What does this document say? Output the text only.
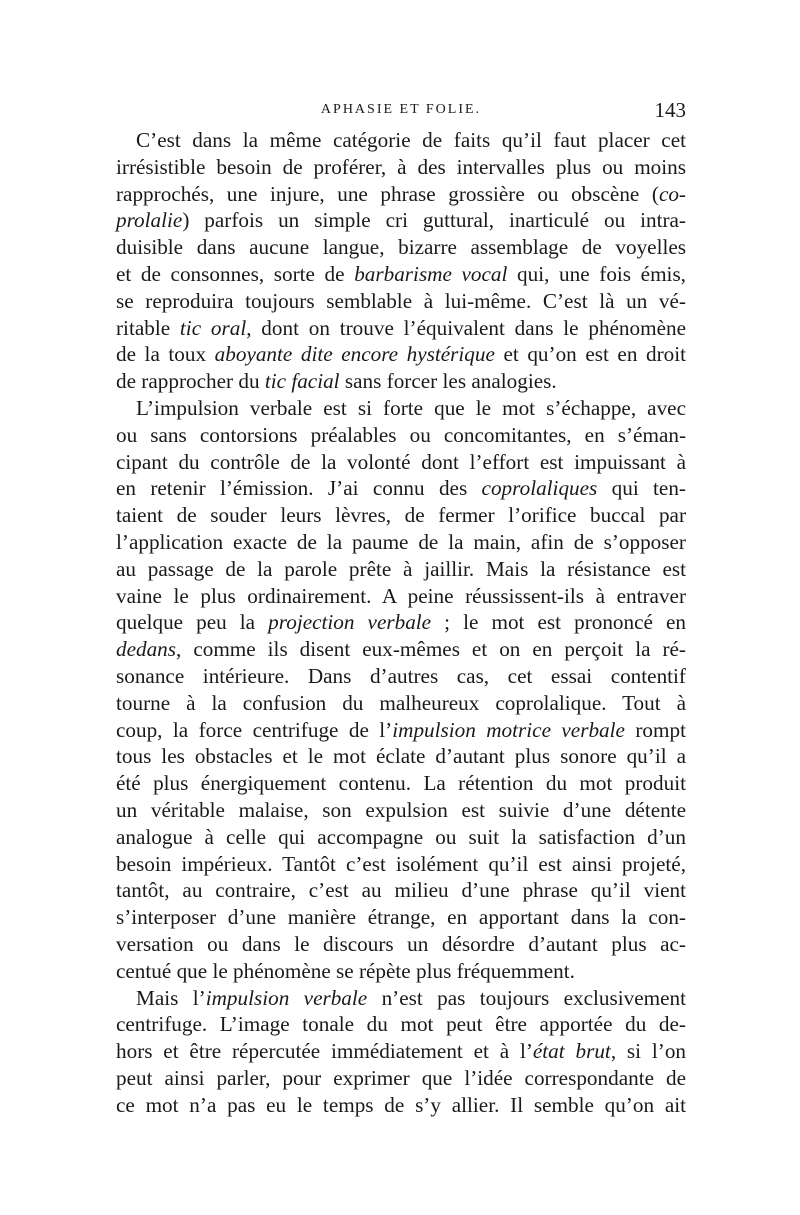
APHASIE ET FOLIE.	143
C’est dans la même catégorie de faits qu’il faut placer cet
irrésistible besoin de proférer, à des intervalles plus ou moins
rapprochés, une injure, une phrase grossière ou obscène (co-
prolalie) parfois un simple cri guttural, inarticulé ou intra-
duisible dans aucune langue, bizarre assemblage de voyelles
et de consonnes, sorte de barbarisme vocal qui, une fois émis,
se reproduira toujours semblable à lui-même. C’est là un vé-
ritable tic oral, dont on trouve l’équivalent dans le phénomène
de la toux aboyante dite encore hystérique et qu’on est en droit
de rapprocher du tic facial sans forcer les analogies.
L’impulsion verbale est si forte que le mot s’échappe, avec
ou sans contorsions préalables ou concomitantes, en s’éman-
cipant du contrôle de la volonté dont l’effort est impuissant à
en retenir l’émission. J’ai connu des coprolaliques qui ten-
taient de souder leurs lèvres, de fermer l’orifice buccal par
l’application exacte de la paume de la main, afin de s’opposer
au passage de la parole prête à jaillir. Mais la résistance est
vaine le plus ordinairement. A peine réussissent-ils à entraver
quelque peu la projection verbale ; le mot est prononcé en
dedans, comme ils disent eux-mêmes et on en perçoit la ré-
sonance intérieure. Dans d’autres cas, cet essai contentif
tourne à la confusion du malheureux coprolalique. Tout à
coup, la force centrifuge de l’impulsion motrice verbale rompt
tous les obstacles et le mot éclate d’autant plus sonore qu’il a
été plus énergiquement contenu. La rétention du mot produit
un véritable malaise, son expulsion est suivie d’une détente
analogue à celle qui accompagne ou suit la satisfaction d’un
besoin impérieux. Tantôt c’est isolément qu’il est ainsi projeté,
tantôt, au contraire, c’est au milieu d’une phrase qu’il vient
s’interposer d’une manière étrange, en apportant dans la con-
versation ou dans le discours un désordre d’autant plus ac-
centué que le phénomène se répète plus fréquemment.
Mais l’impulsion verbale n’est pas toujours exclusivement
centrifuge. L’image tonale du mot peut être apportée du de-
hors et être répercutée immédiatement et à l’état brut, si l’on
peut ainsi parler, pour exprimer que l’idée correspondante de
ce mot n’a pas eu le temps de s’y allier. Il semble qu’on ait
